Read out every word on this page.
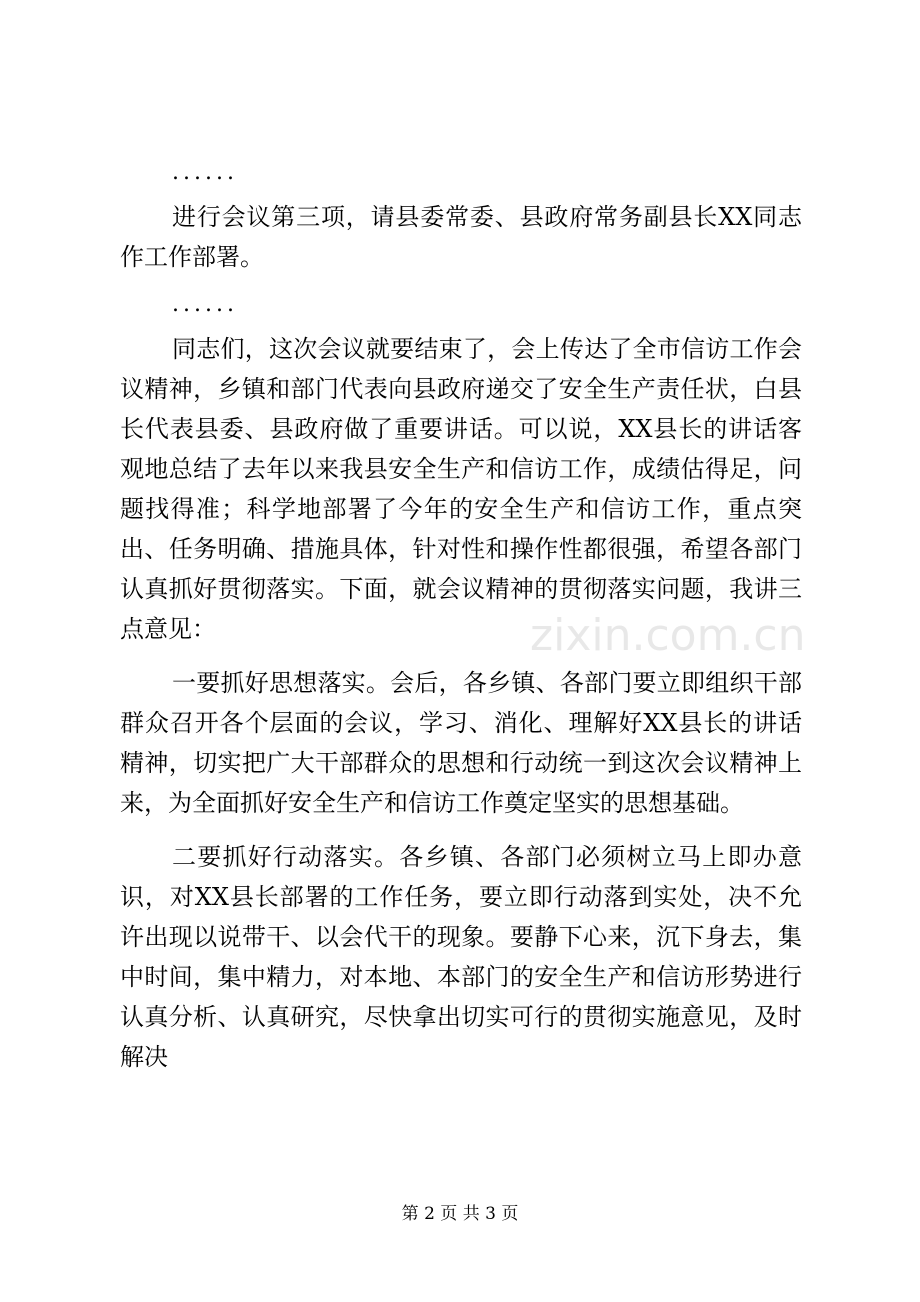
zixin.com.cn

......

进行会议第三项，请县委常委、县政府常务副县长XX同志作工作部署。

......

同志们，这次会议就要结束了，会上传达了全市信访工作会议精神，乡镇和部门代表向县政府递交了安全生产责任状，白县长代表县委、县政府做了重要讲话。可以说，XX县长的讲话客观地总结了去年以来我县安全生产和信访工作，成绩估得足，问题找得准；科学地部署了今年的安全生产和信访工作，重点突出、任务明确、措施具体，针对性和操作性都很强，希望各部门认真抓好贯彻落实。下面，就会议精神的贯彻落实问题，我讲三点意见：

一要抓好思想落实。会后，各乡镇、各部门要立即组织干部群众召开各个层面的会议，学习、消化、理解好XX县长的讲话精神，切实把广大干部群众的思想和行动统一到这次会议精神上来，为全面抓好安全生产和信访工作奠定坚实的思想基础。

二要抓好行动落实。各乡镇、各部门必须树立马上即办意识，对XX县长部署的工作任务，要立即行动落到实处，决不允许出现以说带干、以会代干的现象。要静下心来，沉下身去，集中时间，集中精力，对本地、本部门的安全生产和信访形势进行认真分析、认真研究，尽快拿出切实可行的贯彻实施意见，及时解决

第 2 页 共 3 页
